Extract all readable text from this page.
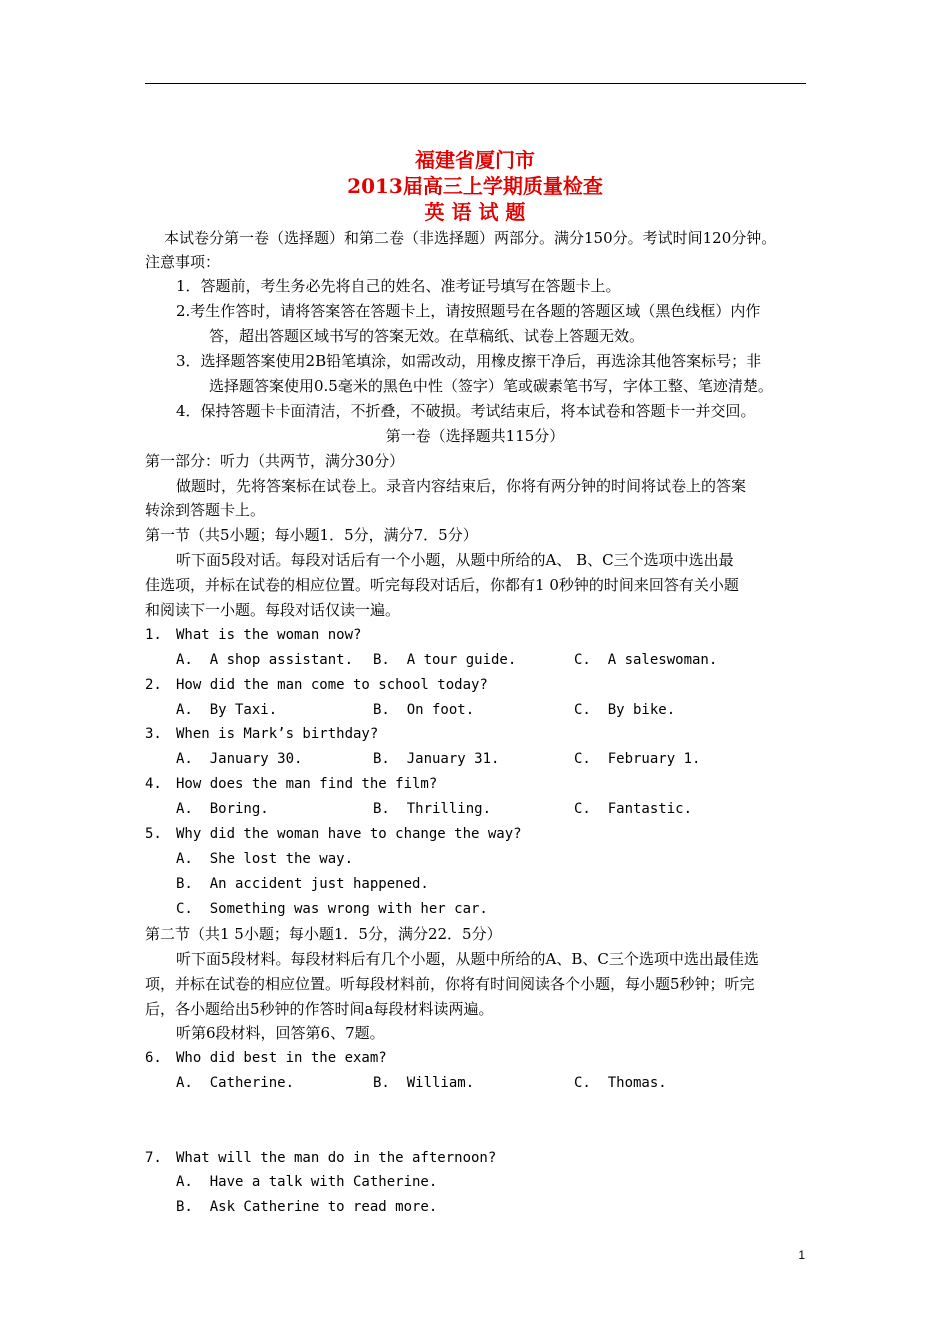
福建省厦门市
2013届高三上学期质量检查
英 语 试 题
本试卷分第一卷（选择题）和第二卷（非选择题）两部分。满分150分。考试时间120分钟。
注意事项：
1．答题前，考生务必先将自己的姓名、准考证号填写在答题卡上。
2.考生作答时，请将答案答在答题卡上，请按照题号在各题的答题区域（黑色线框）内作
答，超出答题区域书写的答案无效。在草稿纸、试卷上答题无效。
3．选择题答案使用2B铅笔填涂，如需改动，用橡皮擦干净后，再选涂其他答案标号；非
选择题答案使用0.5毫米的黑色中性（签字）笔或碳素笔书写，字体工整、笔迹清楚。
4．保持答题卡卡面清洁，不折叠，不破损。考试结束后，将本试卷和答题卡一并交回。
第一卷（选择题共115分）
第一部分：听力（共两节，满分30分）
做题时，先将答案标在试卷上。录音内容结束后，你将有两分钟的时间将试卷上的答案
转涂到答题卡上。
第一节（共5小题；每小题1．5分，满分7．5分）
听下面5段对话。每段对话后有一个小题，从题中所给的A、 B、C三个选项中选出最
佳选项，并标在试卷的相应位置。听完每段对话后，你都有1 0秒钟的时间来回答有关小题
和阅读下一小题。每段对话仅读一遍。
1. What is the woman now?
A.  A shop assistant. B.  A tour guide.	C.  A saleswoman.
2. How did the man come to school today?
A.  By Taxi.	B.  On foot.	C.  By bike.
3. When is Mark’s birthday?
A.  January 30.	B.  January 31.	C.  February 1.
4. How does the man find the film?
A.  Boring.	B.  Thrilling.	C.  Fantastic.
5. Why did the woman have to change the way?
A.  She lost the way.
B.  An accident just happened.
C.  Something was wrong with her car.
第二节（共1 5小题；每小题1．5分，满分22．5分）
听下面5段材料。每段材料后有几个小题，从题中所给的A、B、C三个选项中选出最佳选
项，并标在试卷的相应位置。听每段材料前，你将有时间阅读各个小题，每小题5秒钟；听完
后，各小题给出5秒钟的作答时间a每段材料读两遍。
听第6段材料，回答第6、7题。
6. Who did best in the exam?
A.  Catherine.	B.  William.	C.  Thomas.
7. What will the man do in the afternoon?
A.  Have a talk with Catherine.
B.  Ask Catherine to read more.
1
